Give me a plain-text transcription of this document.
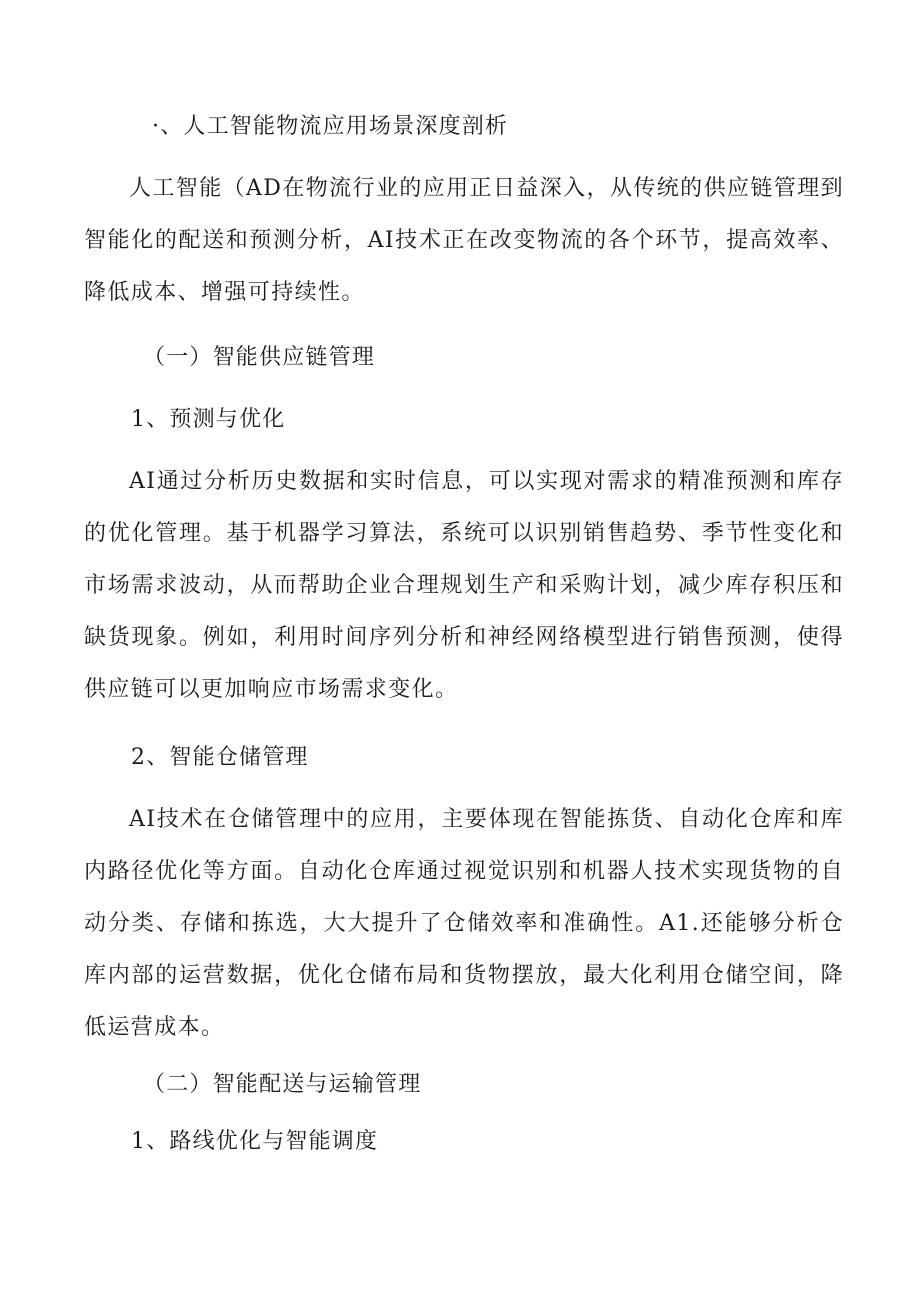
·、人工智能物流应用场景深度剖析

人工智能（AD在物流行业的应用正日益深入，从传统的供应链管理到智能化的配送和预测分析，AI技术正在改变物流的各个环节，提高效率、降低成本、增强可持续性。

（一）智能供应链管理
1、预测与优化

AI通过分析历史数据和实时信息，可以实现对需求的精准预测和库存的优化管理。基于机器学习算法，系统可以识别销售趋势、季节性变化和市场需求波动，从而帮助企业合理规划生产和采购计划，减少库存积压和缺货现象。例如，利用时间序列分析和神经网络模型进行销售预测，使得供应链可以更加响应市场需求变化。

2、智能仓储管理

AI技术在仓储管理中的应用，主要体现在智能拣货、自动化仓库和库内路径优化等方面。自动化仓库通过视觉识别和机器人技术实现货物的自动分类、存储和拣选，大大提升了仓储效率和准确性。A1.还能够分析仓库内部的运营数据，优化仓储布局和货物摆放，最大化利用仓储空间，降低运营成本。

（二）智能配送与运输管理
1、路线优化与智能调度
